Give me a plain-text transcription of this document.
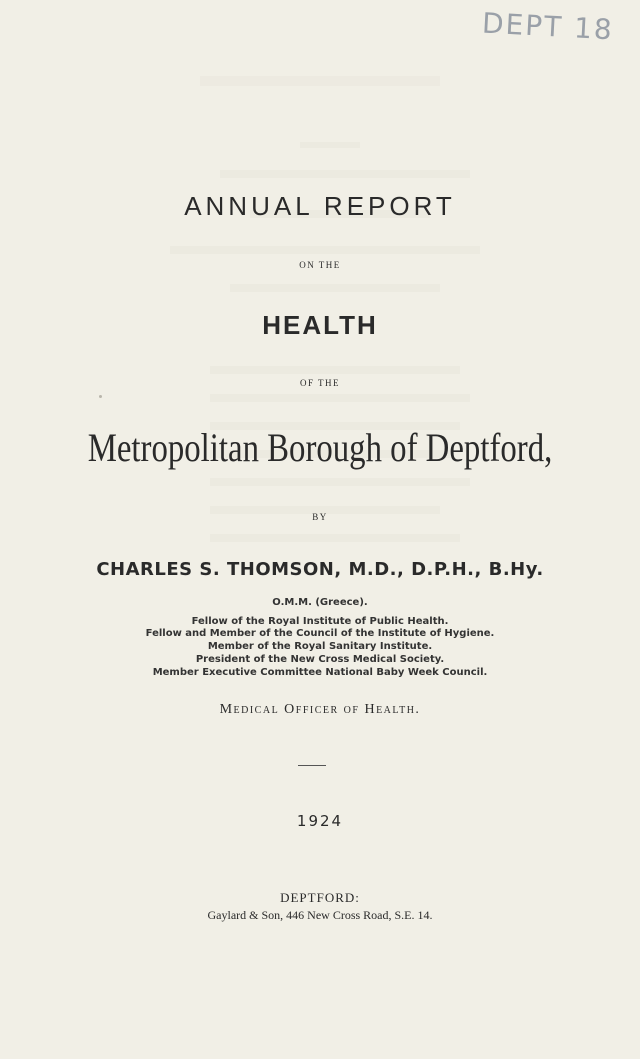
DEPT 18
ANNUAL REPORT
ON THE
HEALTH
OF THE
Metropolitan Borough of Deptford,
BY
CHARLES S. THOMSON, M.D., D.P.H., B.Hy.
O.M.M. (Greece).
Fellow of the Royal Institute of Public Health.
Fellow and Member of the Council of the Institute of Hygiene.
Member of the Royal Sanitary Institute.
President of the New Cross Medical Society.
Member Executive Committee National Baby Week Council.
Medical Officer of Health.
1924
DEPTFORD:
Gaylard & Son, 446 New Cross Road, S.E. 14.
